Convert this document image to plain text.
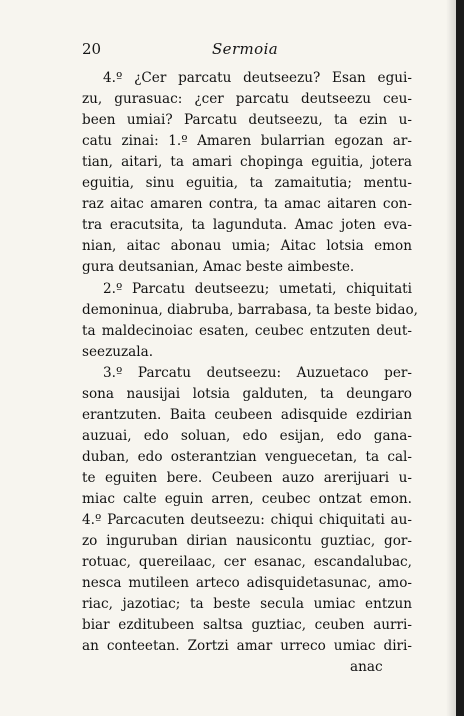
20	Sermoia
4.º ¿Cer parcatu deutseezu? Esan egui-
zu, gurasuac: ¿cer parcatu deutseezu ceu-
been umiai? Parcatu deutseezu, ta ezin u-
catu zinai: 1.º Amaren bularrian egozan ar-
tian, aitari, ta amari chopinga eguitia, jotera
eguitia, sinu eguitia, ta zamaitutia; mentu-
raz aitac amaren contra, ta amac aitaren con-
tra eracutsita, ta lagunduta. Amac joten eva-
nian, aitac abonau umia; Aitac lotsia emon
gura deutsanian, Amac beste aimbeste.
2.º Parcatu deutseezu; umetati, chiquitati
demoninua, diabruba, barrabasa, ta beste bidao,
ta maldecinoiac esaten, ceubec entzuten deut-
seezuzala.
3.º Parcatu deutseezu: Auzuetaco per-
sona nausijai lotsia galduten, ta deungaro
erantzuten. Baita ceubeen adisquide ezdirian
auzuai, edo soluan, edo esijan, edo gana-
duban, edo osterantzian venguecetan, ta cal-
te eguiten bere. Ceubeen auzo arerijuari u-
miac calte eguin arren, ceubec ontzat emon.
4.º Parcacuten deutseezu: chiqui chiquitati au-
zo inguruban dirian nausicontu guztiac, gor-
rotuac, quereilaac, cer esanac, escandalubac,
nesca mutileen arteco adisquidetasunac, amo-
riac, jazotiac; ta beste secula umiac entzun
biar ezditubeen saltsa guztiac, ceuben aurri-
an conteetan. Zortzi amar urreco umiac diri-
anac
